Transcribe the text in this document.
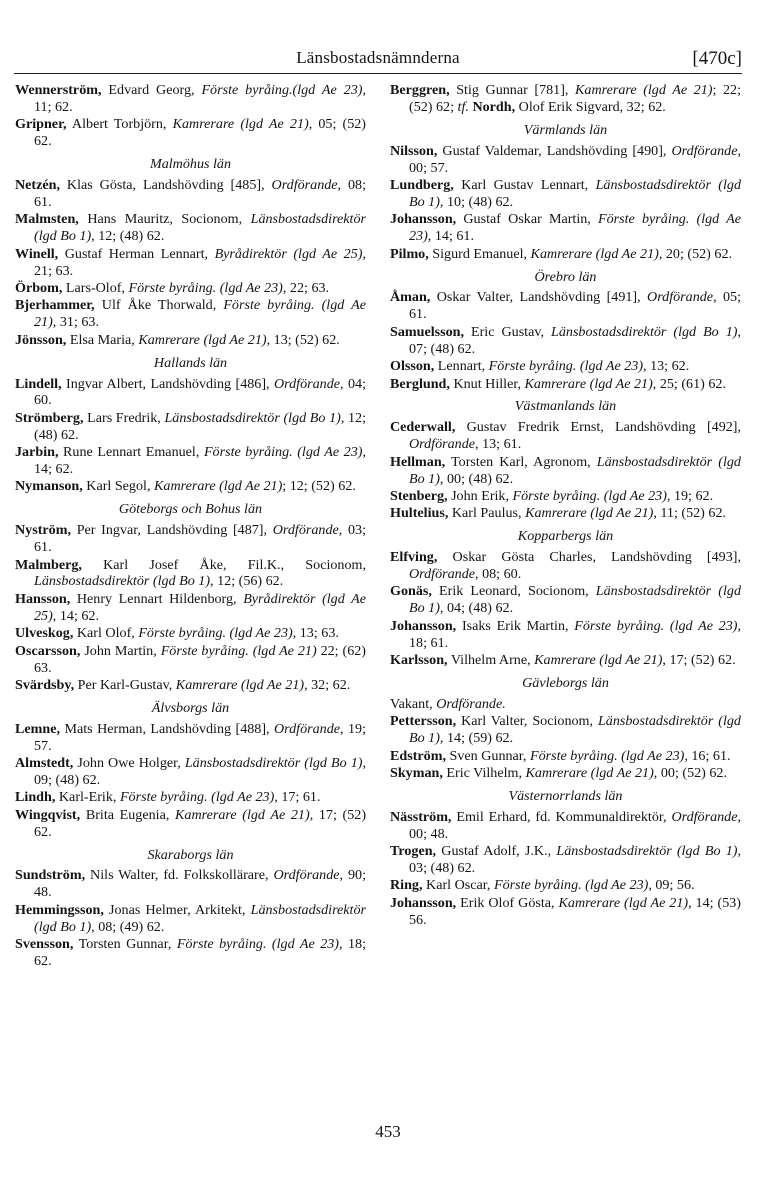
Länsbostadsnämnderna	[470c]
Wennerström, Edvard Georg, Förste byråing.(lgd Ae 23), 11; 62.
Gripner, Albert Torbjörn, Kamrerare (lgd Ae 21), 05; (52) 62.
Malmöhus län
Netzén, Klas Gösta, Landshövding [485], Ordförande, 08; 61.
Malmsten, Hans Mauritz, Socionom, Länsbostadsdirektör (lgd Bo 1), 12; (48) 62.
Winell, Gustaf Herman Lennart, Byrådirektör (lgd Ae 25), 21; 63.
Örbom, Lars-Olof, Förste byråing. (lgd Ae 23), 22; 63.
Bjerhammer, Ulf Åke Thorwald, Förste byråing. (lgd Ae 21), 31; 63.
Jönsson, Elsa Maria, Kamrerare (lgd Ae 21), 13; (52) 62.
Hallands län
Lindell, Ingvar Albert, Landshövding [486], Ordförande, 04; 60.
Strömberg, Lars Fredrik, Länsbostadsdirektör (lgd Bo 1), 12; (48) 62.
Jarbin, Rune Lennart Emanuel, Förste byråing. (lgd Ae 23), 14; 62.
Nymanson, Karl Segol, Kamrerare (lgd Ae 21); 12; (52) 62.
Göteborgs och Bohus län
Nyström, Per Ingvar, Landshövding [487], Ordförande, 03; 61.
Malmberg, Karl Josef Åke, Fil.K., Socionom, Länsbostadsdirektör (lgd Bo 1), 12; (56) 62.
Hansson, Henry Lennart Hildenborg, Byrådirektör (lgd Ae 25), 14; 62.
Ulveskog, Karl Olof, Förste byråing. (lgd Ae 23), 13; 63.
Oscarsson, John Martin, Förste byråing. (lgd Ae 21) 22; (62) 63.
Svärdsby, Per Karl-Gustav, Kamrerare (lgd Ae 21), 32; 62.
Älvsborgs län
Lemne, Mats Herman, Landshövding [488], Ordförande, 19; 57.
Almstedt, John Owe Holger, Länsbostadsdirektör (lgd Bo 1), 09; (48) 62.
Lindh, Karl-Erik, Förste byråing. (lgd Ae 23), 17; 61.
Wingqvist, Brita Eugenia, Kamrerare (lgd Ae 21), 17; (52) 62.
Skaraborgs län
Sundström, Nils Walter, fd. Folkskollärare, Ordförande, 90; 48.
Hemmingsson, Jonas Helmer, Arkitekt, Länsbostadsdirektör (lgd Bo 1), 08; (49) 62.
Svensson, Torsten Gunnar, Förste byråing. (lgd Ae 23), 18; 62.
Berggren, Stig Gunnar [781], Kamrerare (lgd Ae 21); 22; (52) 62; tf. Nordh, Olof Erik Sigvard, 32; 62.
Värmlands län
Nilsson, Gustaf Valdemar, Landshövding [490], Ordförande, 00; 57.
Lundberg, Karl Gustav Lennart, Länsbostadsdirektör (lgd Bo 1), 10; (48) 62.
Johansson, Gustaf Oskar Martin, Förste byråing. (lgd Ae 23), 14; 61.
Pilmo, Sigurd Emanuel, Kamrerare (lgd Ae 21), 20; (52) 62.
Örebro län
Åman, Oskar Valter, Landshövding [491], Ordförande, 05; 61.
Samuelsson, Eric Gustav, Länsbostadsdirektör (lgd Bo 1), 07; (48) 62.
Olsson, Lennart, Förste byråing. (lgd Ae 23), 13; 62.
Berglund, Knut Hiller, Kamrerare (lgd Ae 21), 25; (61) 62.
Västmanlands län
Cederwall, Gustav Fredrik Ernst, Landshövding [492], Ordförande, 13; 61.
Hellman, Torsten Karl, Agronom, Länsbostadsdirektör (lgd Bo 1), 00; (48) 62.
Stenberg, John Erik, Förste byråing. (lgd Ae 23), 19; 62.
Hultelius, Karl Paulus, Kamrerare (lgd Ae 21), 11; (52) 62.
Kopparbergs län
Elfving, Oskar Gösta Charles, Landshövding [493], Ordförande, 08; 60.
Gonäs, Erik Leonard, Socionom, Länsbostadsdirektör (lgd Bo 1), 04; (48) 62.
Johansson, Isaks Erik Martin, Förste byråing. (lgd Ae 23), 18; 61.
Karlsson, Vilhelm Arne, Kamrerare (lgd Ae 21), 17; (52) 62.
Gävleborgs län
Vakant, Ordförande.
Pettersson, Karl Valter, Socionom, Länsbostadsdirektör (lgd Bo 1), 14; (59) 62.
Edström, Sven Gunnar, Förste byråing. (lgd Ae 23), 16; 61.
Skyman, Eric Vilhelm, Kamrerare (lgd Ae 21), 00; (52) 62.
Västernorrlands län
Näsström, Emil Erhard, fd. Kommunaldirektör, Ordförande, 00; 48.
Trogen, Gustaf Adolf, J.K., Länsbostadsdirektör (lgd Bo 1), 03; (48) 62.
Ring, Karl Oscar, Förste byråing. (lgd Ae 23), 09; 56.
Johansson, Erik Olof Gösta, Kamrerare (lgd Ae 21), 14; (53) 56.
453
